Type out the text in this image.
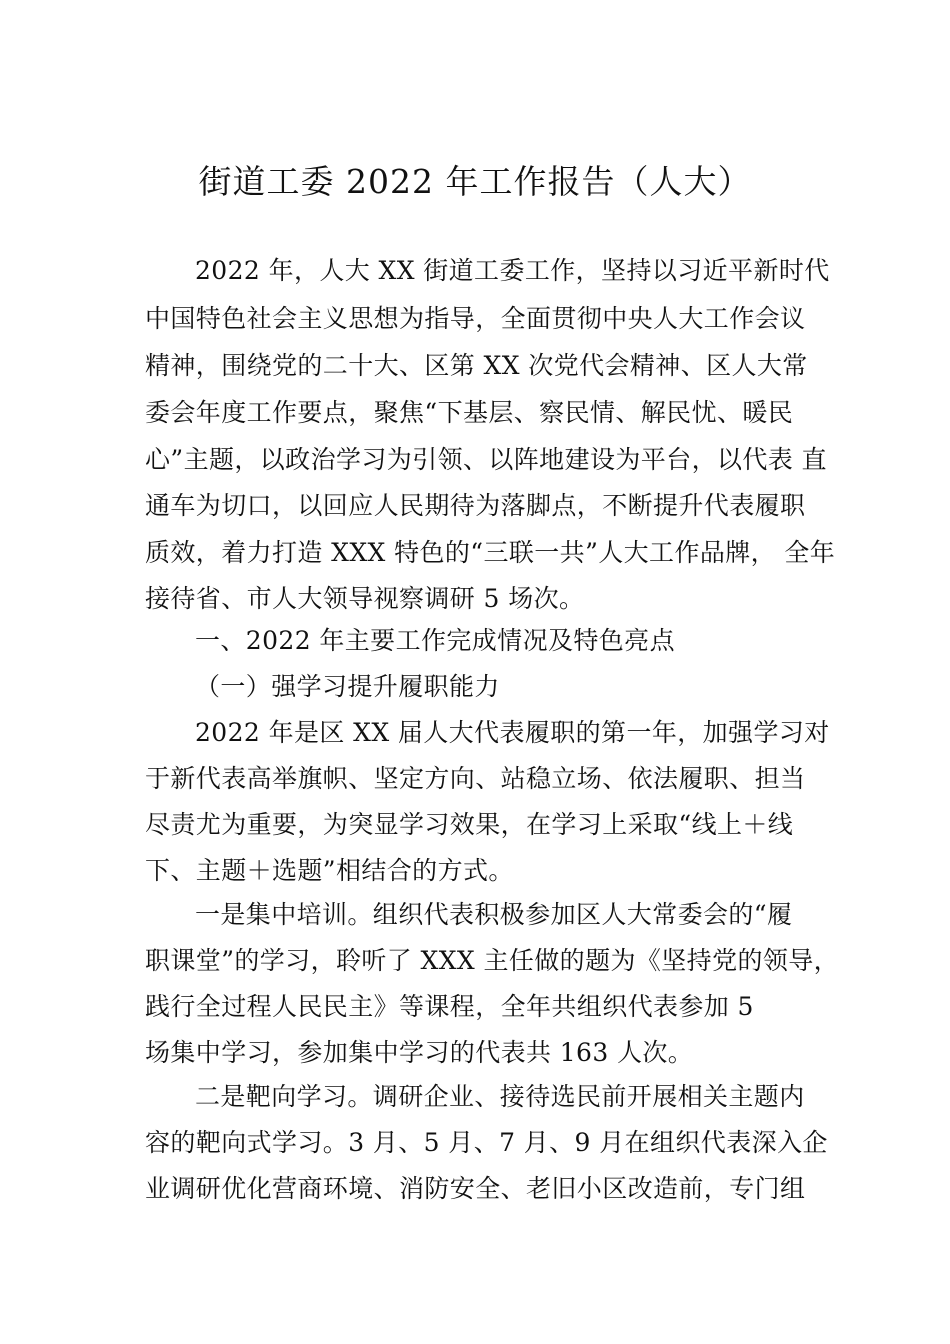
街道工委 2022 年工作报告（人大）
2022 年，人大 XX 街道工委工作，坚持以习近平新时代
中国特色社会主义思想为指导，全面贯彻中央人大工作会议
精神，围绕党的二十大、区第 XX 次党代会精神、区人大常
委会年度工作要点，聚焦“下基层、察民情、解民忧、暖民
心”主题，以政治学习为引领、以阵地建设为平台，以代表 直
通车为切口，以回应人民期待为落脚点，不断提升代表履职
质效，着力打造 XXX 特色的“三联一共”人大工作品牌， 全年
接待省、市人大领导视察调研 5 场次。
一、2022 年主要工作完成情况及特色亮点
（一）强学习提升履职能力
2022 年是区 XX 届人大代表履职的第一年，加强学习对
于新代表高举旗帜、坚定方向、站稳立场、依法履职、担当
尽责尤为重要，为突显学习效果，在学习上采取“线上＋线
下、主题＋选题”相结合的方式。
一是集中培训。组织代表积极参加区人大常委会的“履
职课堂”的学习，聆听了 XXX 主任做的题为《坚持党的领导，
践行全过程人民民主》等课程，全年共组织代表参加 5
场集中学习，参加集中学习的代表共 163 人次。
二是靶向学习。调研企业、接待选民前开展相关主题内
容的靶向式学习。3 月、5 月、7 月、9 月在组织代表深入企
业调研优化营商环境、消防安全、老旧小区改造前，专门组
